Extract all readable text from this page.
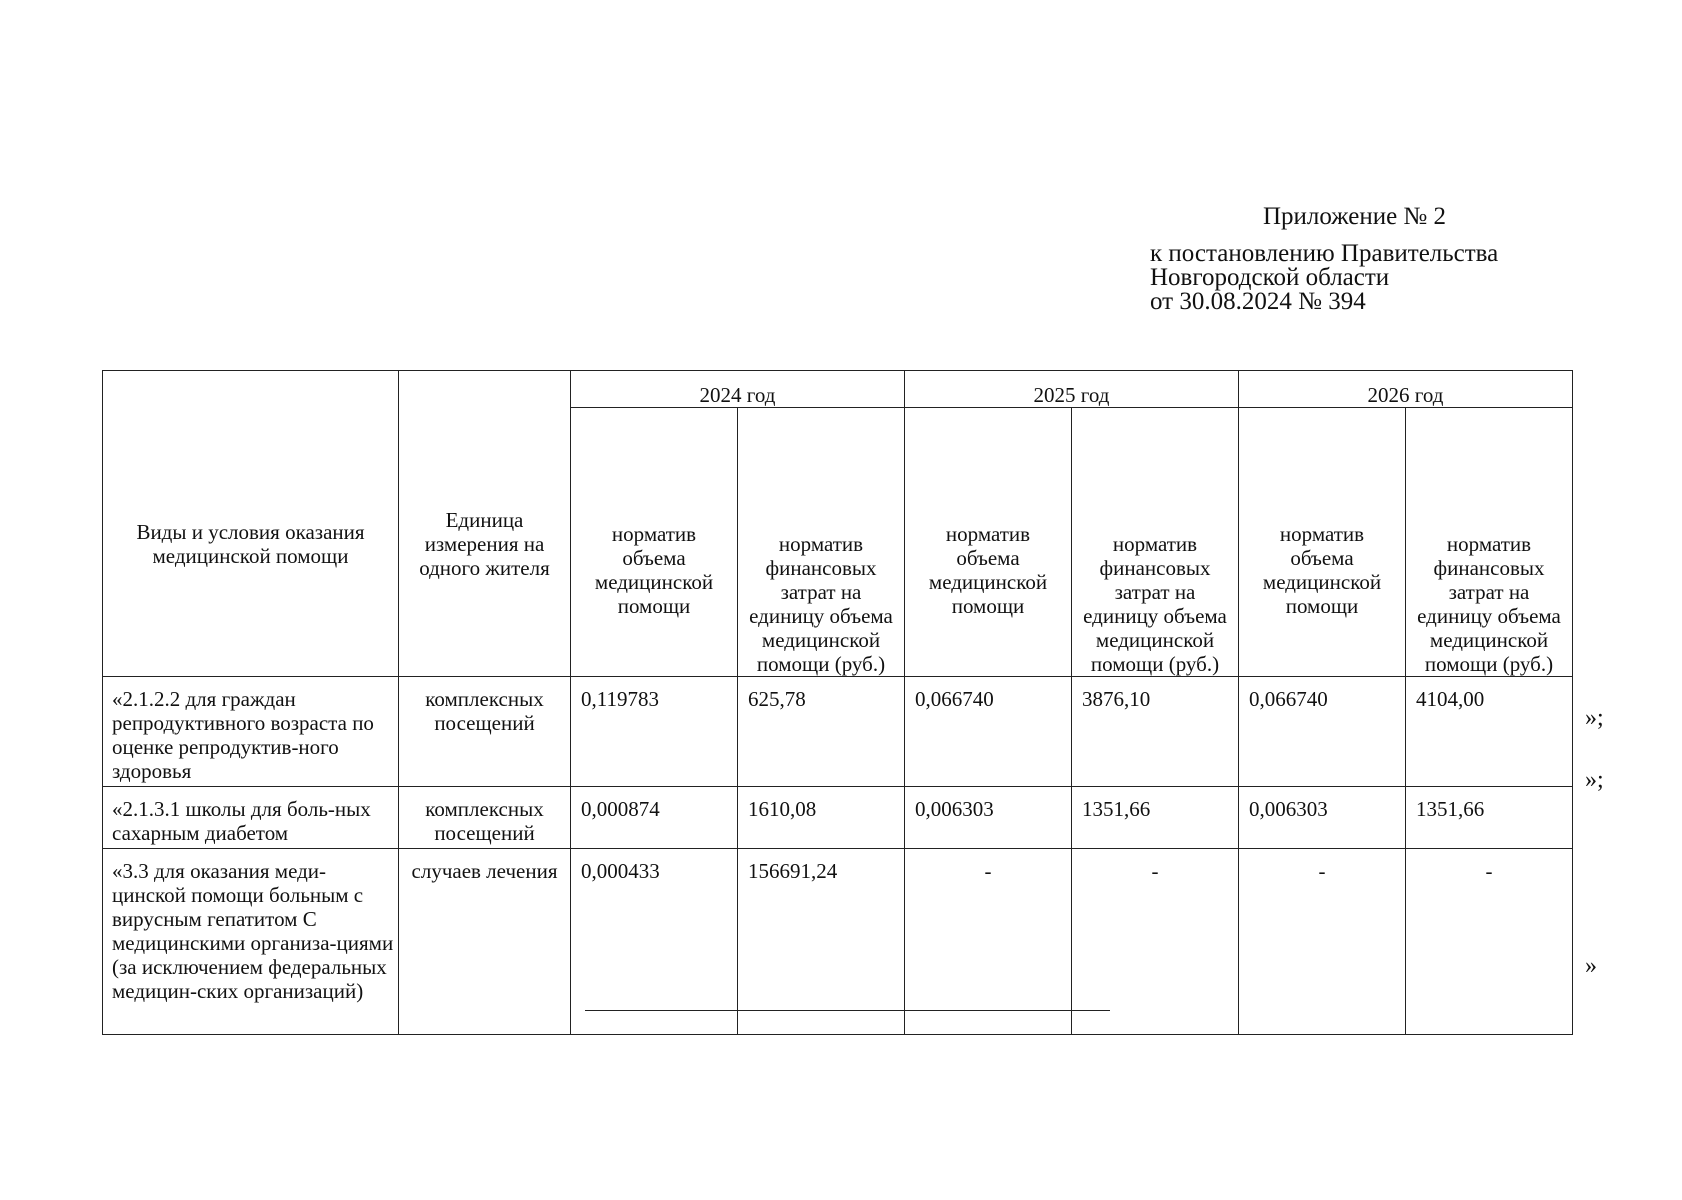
Приложение № 2
к постановлению Правительства
Новгородской области
от 30.08.2024 № 394
Виды и условия оказания медицинской помощи	Единица измерения на одного жителя	2024 год		2025 год		2026 год	
		норматив объема медицинской помощи	норматив финансовых затрат на единицу объема медицинской помощи (руб.)	норматив объема медицинской помощи	норматив финансовых затрат на единицу объема медицинской помощи (руб.)	норматив объема медицинской помощи	норматив финансовых затрат на единицу объема медицинской помощи (руб.)
«2.1.2.2 для граждан репродуктивного возраста по оценке репродуктив-ного здоровья	комплексных посещений	0,119783	625,78	0,066740	3876,10	0,066740	4104,00
«2.1.3.1 школы для боль-ных сахарным диабетом	комплексных посещений	0,000874	1610,08	0,006303	1351,66	0,006303	1351,66
«3.3 для оказания меди-цинской помощи больным с вирусным гепатитом С медицинскими организа-циями (за исключением федеральных медицин-ских организаций)	случаев лечения	0,000433	156691,24	-	-	-	-
»;
»;
»
